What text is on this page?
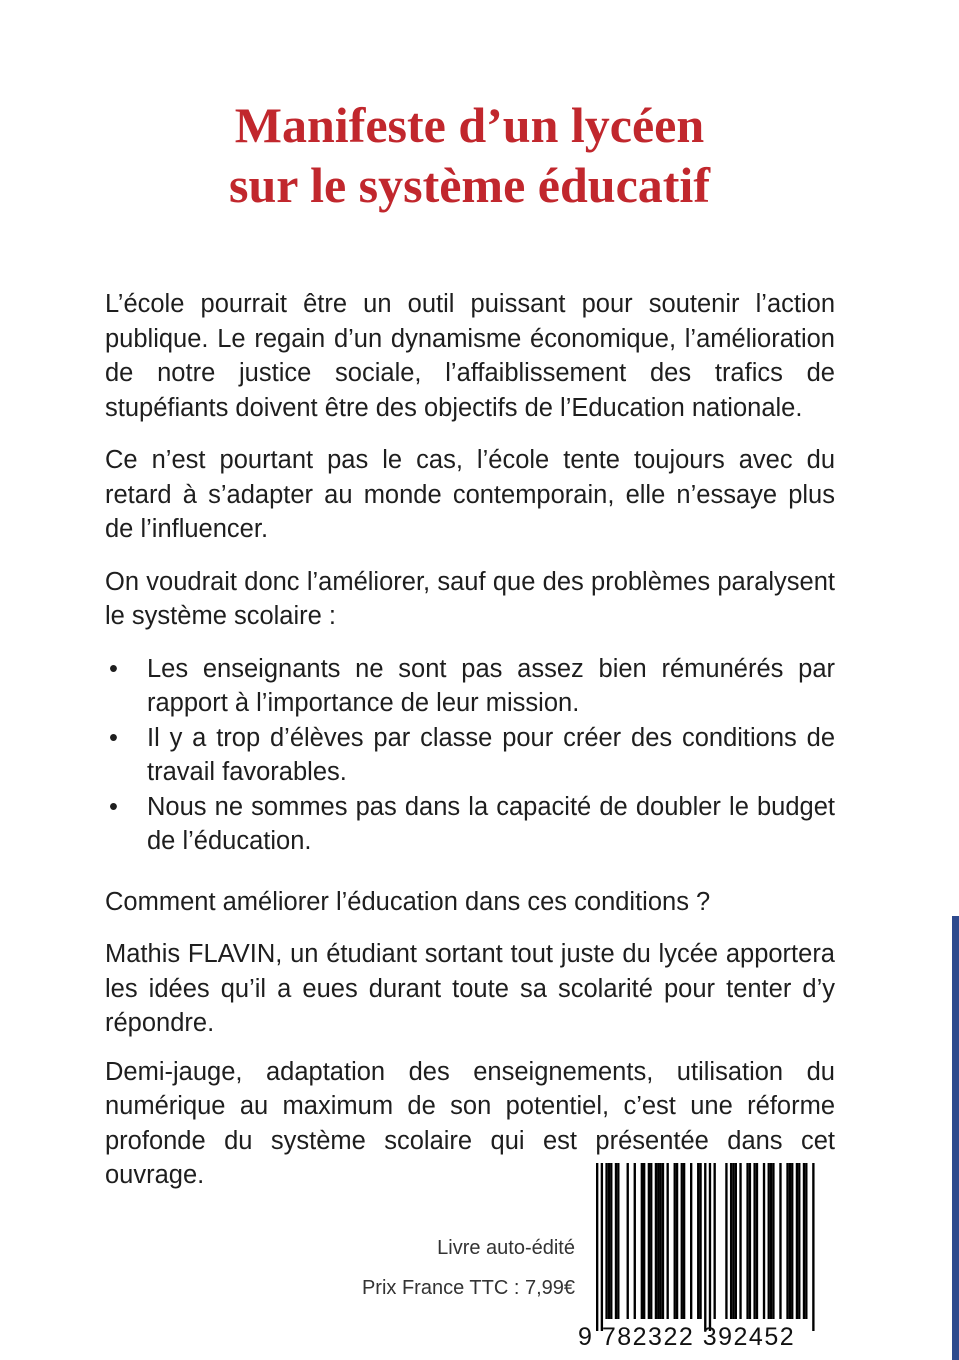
Manifeste d’un lycéen
sur le système éducatif

L’école pourrait être un outil puissant pour soutenir l’action publique. Le regain d’un dynamisme économique, l’amélioration de notre justice sociale, l’affaiblissement des trafics de stupéfiants doivent être des objectifs de l’Education nationale.

Ce n’est pourtant pas le cas, l’école tente toujours avec du retard à s’adapter au monde contemporain, elle n’essaye plus de l’influencer.

On voudrait donc l’améliorer, sauf que des problèmes paralysent le système scolaire :

• Les enseignants ne sont pas assez bien rémunérés par rapport à l’importance de leur mission.
• Il y a trop d’élèves par classe pour créer des conditions de travail favorables.
• Nous ne sommes pas dans la capacité de doubler le budget de l’éducation.

Comment améliorer l’éducation dans ces conditions ?

Mathis FLAVIN, un étudiant sortant tout juste du lycée apportera les idées qu’il a eues durant toute sa scolarité pour tenter d’y répondre.

Demi-jauge, adaptation des enseignements, utilisation du numérique au maximum de son potentiel, c’est une réforme profonde du système scolaire qui est présentée dans cet ouvrage.

Livre auto-édité
Prix France TTC : 7,99€
9 782322 392452
